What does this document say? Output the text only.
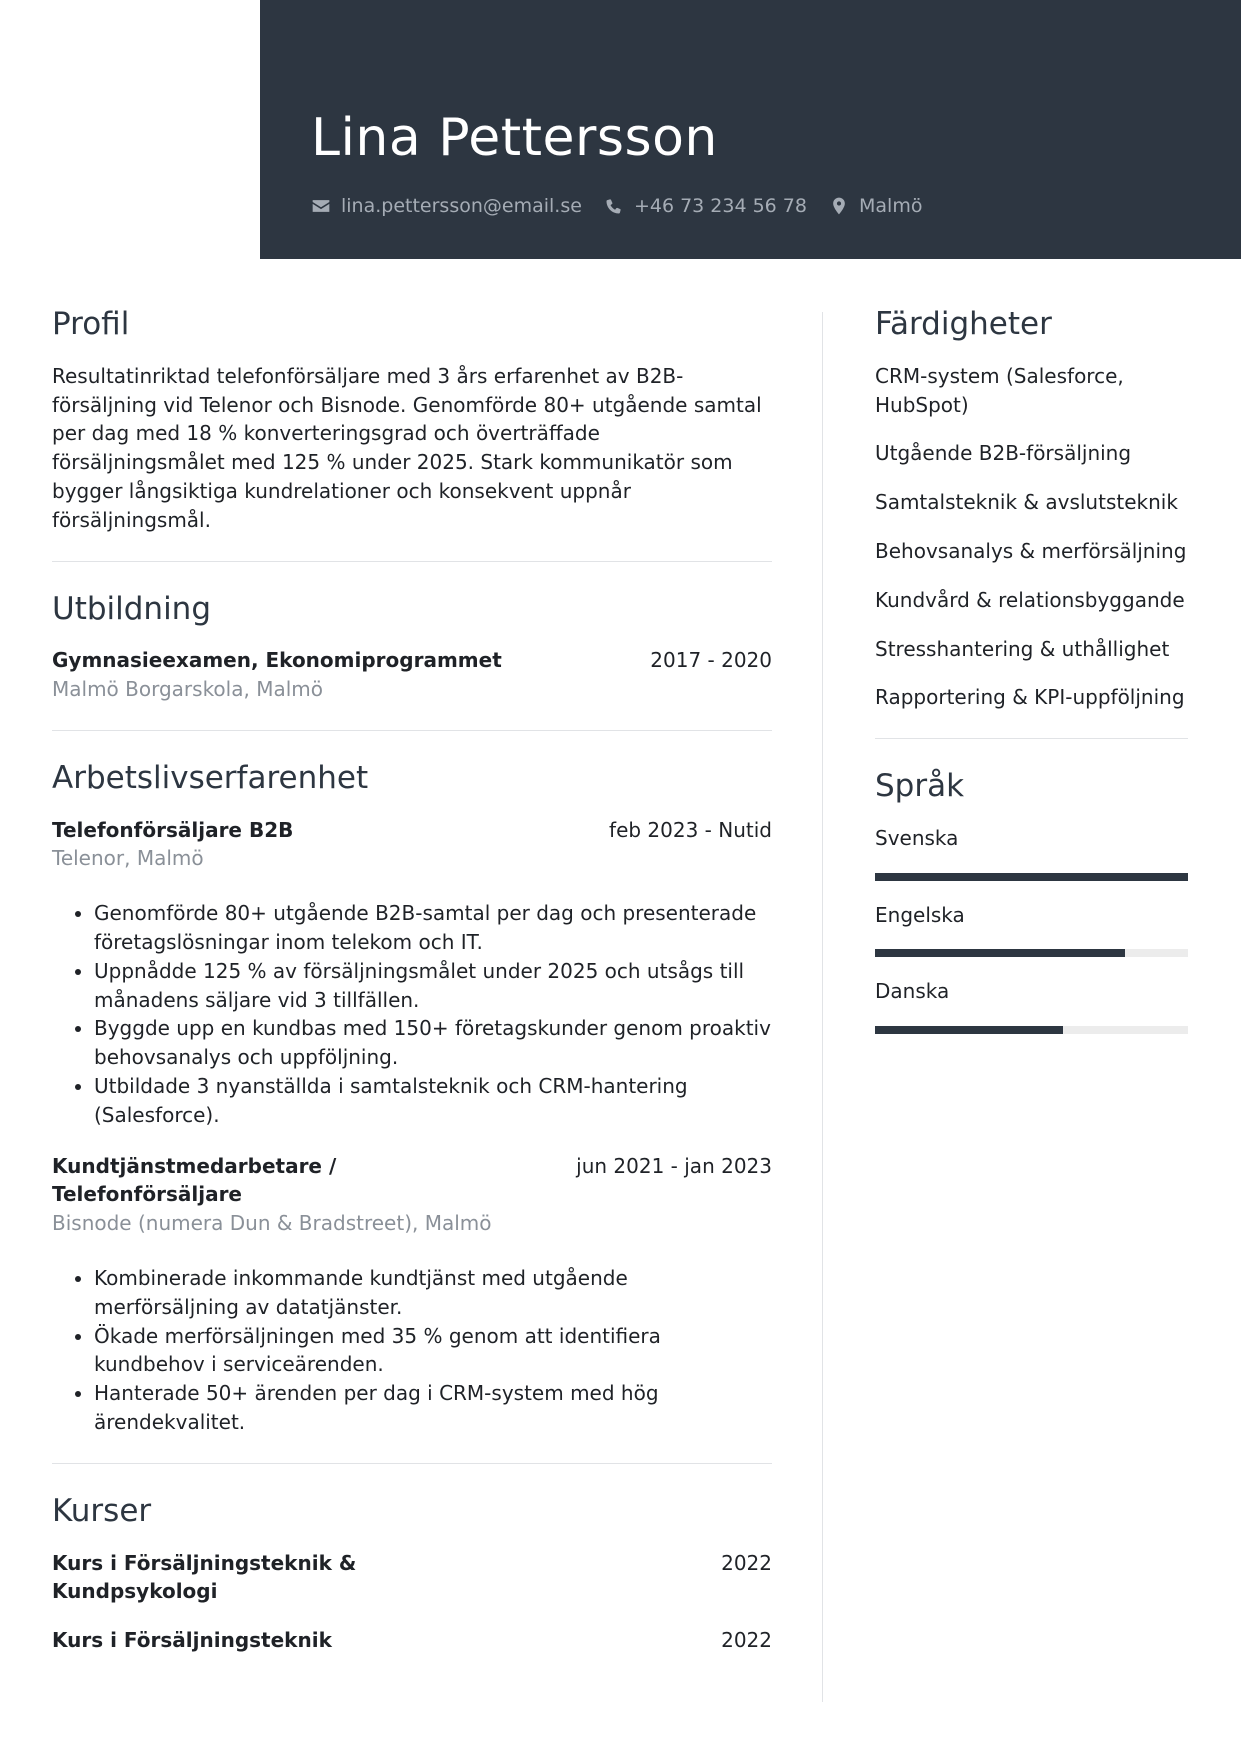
Lina Pettersson
lina.pettersson@email.se	+46 73 234 56 78	Malmö
Profil

Resultatinriktad telefonförsäljare med 3 års erfarenhet av B2B-försäljning vid Telenor och Bisnode. Genomförde 80+ utgående samtal per dag med 18 % konverteringsgrad och överträffade försäljningsmålet med 125 % under 2025. Stark kommunikatör som bygger långsiktiga kundrelationer och konsekvent uppnår försäljningsmål.

Utbildning
Gymnasieexamen, Ekonomiprogrammet	2017 - 2020
Malmö Borgarskola, Malmö
Arbetslivserfarenhet
Telefonförsäljare B2B	feb 2023 - Nutid
Telenor, Malmö
• Genomförde 80+ utgående B2B-samtal per dag och presenterade företagslösningar inom telekom och IT.
• Uppnådde 125 % av försäljningsmålet under 2025 och utsågs till månadens säljare vid 3 tillfällen.
• Byggde upp en kundbas med 150+ företagskunder genom proaktiv behovsanalys och uppföljning.
• Utbildade 3 nyanställda i samtalsteknik och CRM-hantering (Salesforce).
Kundtjänstmedarbetare / Telefonförsäljare
jun 2021 - jan 2023
Bisnode (numera Dun & Bradstreet), Malmö
• Kombinerade inkommande kundtjänst med utgående merförsäljning av datatjänster.
• Ökade merförsäljningen med 35 % genom att identifiera kundbehov i serviceärenden.
• Hanterade 50+ ärenden per dag i CRM-system med hög ärendekvalitet.
Kurser
Kurs i Försäljningsteknik & Kundpsykologi
2022
Kurs i Försäljningsteknik	2022
Färdigheter
CRM-system (Salesforce, HubSpot)
Utgående B2B-försäljning
Samtalsteknik & avslutsteknik
Behovsanalys & merförsäljning
Kundvård & relationsbyggande
Stresshantering & uthållighet
Rapportering & KPI-uppföljning
Språk
Svenska
Engelska
Danska
